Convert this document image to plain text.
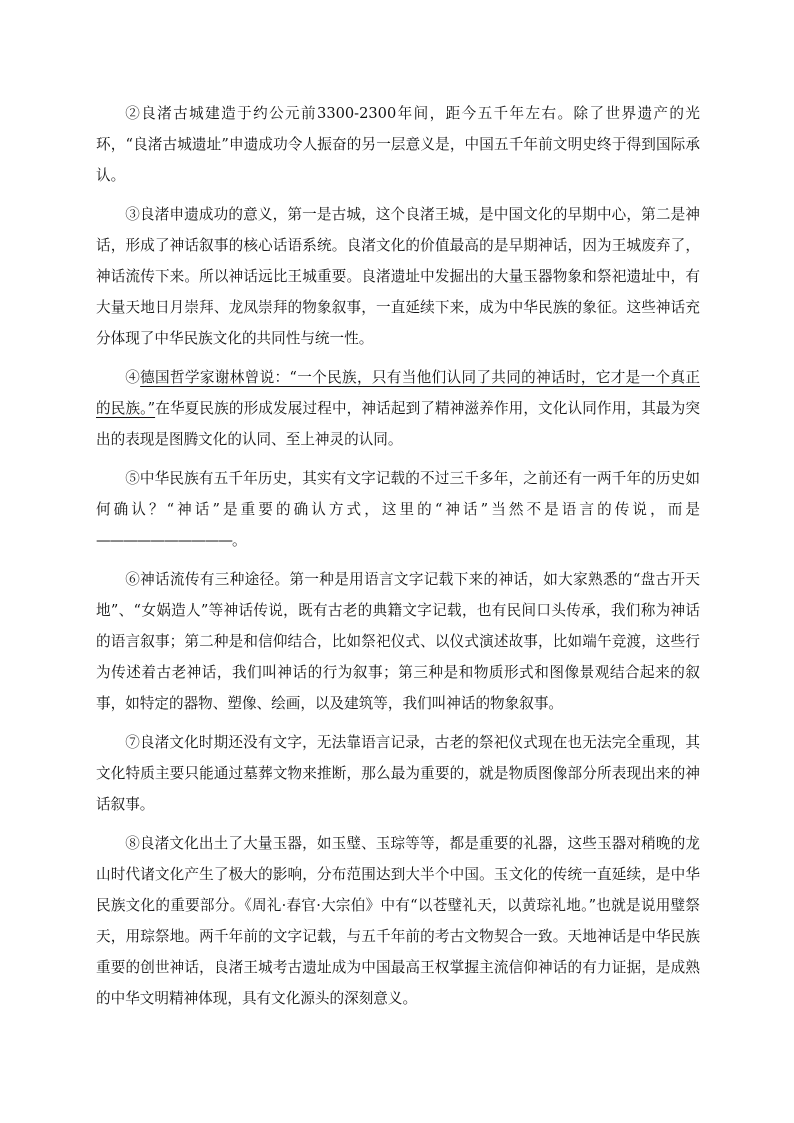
②良渚古城建造于约公元前3300-2300年间，距今五千年左右。除了世界遗产的光环，“良渚古城遗址”申遗成功令人振奋的另一层意义是，中国五千年前文明史终于得到国际承认。

③良渚申遗成功的意义，第一是古城，这个良渚王城，是中国文化的早期中心，第二是神话，形成了神话叙事的核心话语系统。良渚文化的价值最高的是早期神话，因为王城废弃了，神话流传下来。所以神话远比王城重要。良渚遗址中发掘出的大量玉器物象和祭祀遗址中，有大量天地日月崇拜、龙凤崇拜的物象叙事，一直延续下来，成为中华民族的象征。这些神话充分体现了中华民族文化的共同性与统一性。

④德国哲学家谢林曾说：“一个民族，只有当他们认同了共同的神话时，它才是一个真正的民族。”在华夏民族的形成发展过程中，神话起到了精神滋养作用，文化认同作用，其最为突出的表现是图腾文化的认同、至上神灵的认同。

⑤中华民族有五千年历史，其实有文字记载的不过三千多年，之前还有一两千年的历史如何确认？“神话”是重要的确认方式，这里的“神话”当然不是语言的传说，而是——————————。

⑥神话流传有三种途径。第一种是用语言文字记载下来的神话，如大家熟悉的“盘古开天地”、“女娲造人”等神话传说，既有古老的典籍文字记载，也有民间口头传承，我们称为神话的语言叙事；第二种是和信仰结合，比如祭祀仪式、以仪式演述故事，比如端午竞渡，这些行为传述着古老神话，我们叫神话的行为叙事；第三种是和物质形式和图像景观结合起来的叙事，如特定的器物、塑像、绘画，以及建筑等，我们叫神话的物象叙事。

⑦良渚文化时期还没有文字，无法靠语言记录，古老的祭祀仪式现在也无法完全重现，其文化特质主要只能通过墓葬文物来推断，那么最为重要的，就是物质图像部分所表现出来的神话叙事。

⑧良渚文化出土了大量玉器，如玉璧、玉琮等等，都是重要的礼器，这些玉器对稍晚的龙山时代诸文化产生了极大的影响，分布范围达到大半个中国。玉文化的传统一直延续，是中华民族文化的重要部分。《周礼·春官·大宗伯》中有“以苍璧礼天，以黄琮礼地。”也就是说用璧祭天，用琮祭地。两千年前的文字记载，与五千年前的考古文物契合一致。天地神话是中华民族重要的创世神话，良渚王城考古遗址成为中国最高王权掌握主流信仰神话的有力证据，是成熟的中华文明精神体现，具有文化源头的深刻意义。
